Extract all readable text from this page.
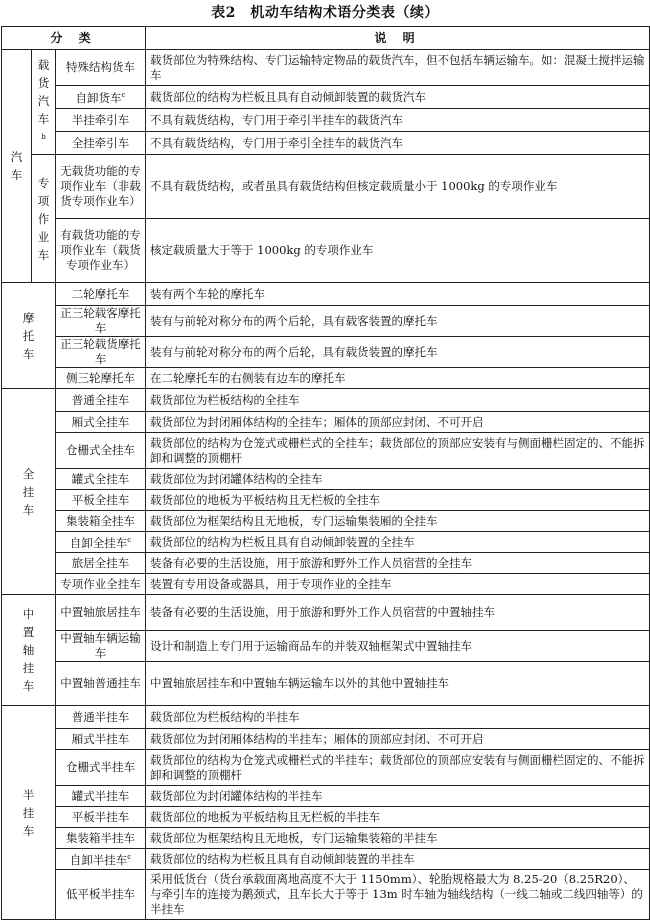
表2　机动车结构术语分类表（续）
分 类			说 明
汽车	载货汽车$^b$	特殊结构货车	载货部位为特殊结构、专门运输特定物品的载货汽车，但不包括车辆运输车。如：混凝土搅拌运输车
		自卸货车$^c$	载货部位的结构为栏板且具有自动倾卸装置的载货汽车
		半挂牵引车	不具有载货结构，专门用于牵引半挂车的载货汽车
		全挂牵引车	不具有载货结构，专门用于牵引全挂车的载货汽车
	专项作业车	无载货功能的专项作业车（非载货专项作业车）	不具有载货结构，或者虽具有载货结构但核定载质量小于 1000kg 的专项作业车
		有载货功能的专项作业车（载货专项作业车）	核定载质量大于等于 1000kg 的专项作业车
摩托车		二轮摩托车	装有两个车轮的摩托车
		正三轮载客摩托车	装有与前轮对称分布的两个后轮，具有载客装置的摩托车
		正三轮载货摩托车	装有与前轮对称分布的两个后轮，具有载货装置的摩托车
		侧三轮摩托车	在二轮摩托车的右侧装有边车的摩托车
全挂车		普通全挂车	载货部位为栏板结构的全挂车
		厢式全挂车	载货部位为封闭厢体结构的全挂车；厢体的顶部应封闭、不可开启
		仓栅式全挂车	载货部位的结构为仓笼式或栅栏式的全挂车；载货部位的顶部应安装有与侧面栅栏固定的、不能拆卸和调整的顶棚杆
		罐式全挂车	载货部位为封闭罐体结构的全挂车
		平板全挂车	载货部位的地板为平板结构且无栏板的全挂车
		集装箱全挂车	载货部位为框架结构且无地板，专门运输集装厢的全挂车
		自卸全挂车$^c$	载货部位的结构为栏板且具有自动倾卸装置的全挂车
		旅居全挂车	装备有必要的生活设施，用于旅游和野外工作人员宿营的全挂车
		专项作业全挂车	装置有专用设备或器具，用于专项作业的全挂车
中置轴挂车		中置轴旅居挂车	装备有必要的生活设施，用于旅游和野外工作人员宿营的中置轴挂车
		中置轴车辆运输车	设计和制造上专门用于运输商品车的并装双轴框架式中置轴挂车
		中置轴普通挂车	中置轴旅居挂车和中置轴车辆运输车以外的其他中置轴挂车
半挂车		普通半挂车	载货部位为栏板结构的半挂车
		厢式半挂车	载货部位为封闭厢体结构的半挂车；厢体的顶部应封闭、不可开启
		仓栅式半挂车	载货部位的结构为仓笼式或栅栏式的半挂车；载货部位的顶部应安装有与侧面栅栏固定的、不能拆卸和调整的顶棚杆
		罐式半挂车	载货部位为封闭罐体结构的半挂车
		平板半挂车	载货部位的地板为平板结构且无栏板的半挂车
		集装箱半挂车	载货部位为框架结构且无地板，专门运输集装箱的半挂车
		自卸半挂车$^c$	载货部位的结构为栏板且具有自动倾卸装置的半挂车
		低平板半挂车	采用低货台（货台承载面离地高度不大于 1150mm）、轮胎规格最大为 8.25-20（8.25R20）、与牵引车的连接为鹅颈式，且车长大于等于 13m 时车轴为轴线结构（一线二轴或二线四轴等）的半挂车
